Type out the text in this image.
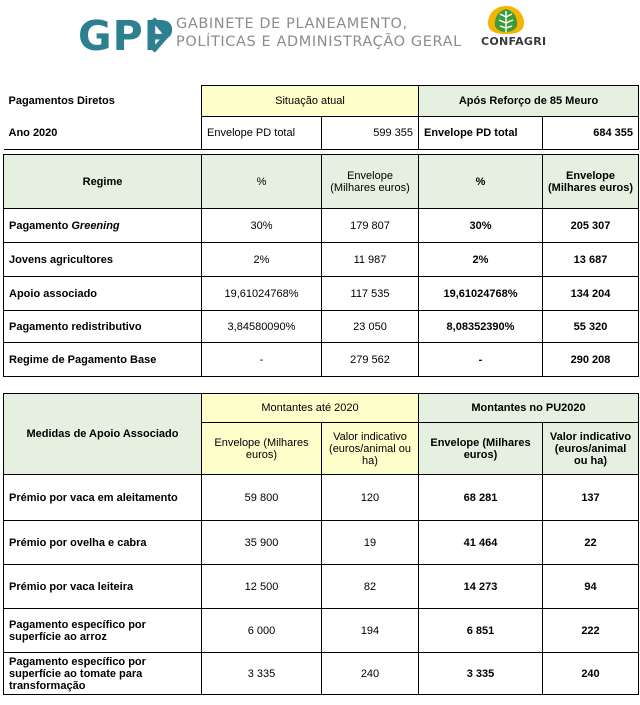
GPP GABINETE DE PLANEAMENTO,
POLÍTICAS E ADMINISTRAÇÃO GERAL CONFAGRI
Pagamentos Diretos	Situação atual		Após Reforço de 85 Meuro	
Ano 2020	Envelope PD total	599 355	Envelope PD total	684 355

Regime	%	Envelope (Milhares euros)	%	Envelope (Milhares euros)
Pagamento Greening	30%	179 807	30%	205 307
Jovens agricultores	2%	11 987	2%	13 687
Apoio associado	19,61024768%	117 535	19,61024768%	134 204
Pagamento redistributivo	3,84580090%	23 050	8,08352390%	55 320
Regime de Pagamento Base	-	279 562	-	290 208
Medidas de Apoio Associado	Montantes até 2020		Montantes no PU2020	
	Envelope (Milhares euros)	Valor indicativo (euros/animal ou ha)	Envelope (Milhares euros)	Valor indicativo (euros/animal ou ha)
Prémio por vaca em aleitamento	59 800	120	68 281	137
Prémio por ovelha e cabra	35 900	19	41 464	22
Prémio por vaca leiteira	12 500	82	14 273	94
Pagamento específico por superfície ao arroz	6 000	194	6 851	222
Pagamento específico por superfície ao tomate para transformação	3 335	240	3 335	240
